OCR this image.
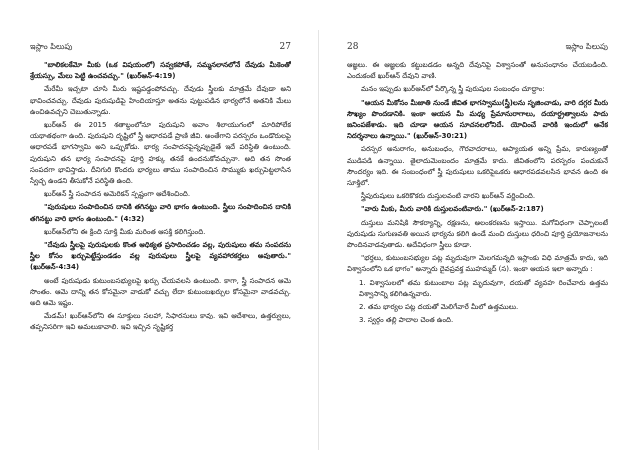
ఇస్లాం పిలుపు	27

"బాలికలకేమో మీకు (ఒక విషయంలో) సవ్వకపోతే, సమ్మనలానలోనే దేవుడు మీకెంతో శ్రేయస్సు, మేలు పెట్టి ఉంచవచ్చు." (ఖుర్‌ఆన్-4:19)

మేరేమీ ఇచ్చటా చూసి మీరు ఇష్టపడ్డంపోవచ్చు. దేవుడు స్త్రీలకు మాత్రమే దేవుడా అని భావించవచ్చు. దేవుడు పురుషుడిపై హిందియాస్తూ అతను పుట్టుపడిన భార్యలోనే అతనికి మేలు ఉంచిఉవచ్చని చెబుతున్నాడు.

ఖుర్‌ఆన్ ఈ 2015 శతాబ్దంలోనూ పురుషుని అవాం శిలాయుగంలో మారిపోలేక యథాతథంగా ఉంది. పురుషుని దృష్టిలో స్త్రీ ఆధారపడే ప్రాణి జీవి. అంతేగాని పరస్పరం ఒండొరులపై ఆధారపడే భాగస్వామి అని ఒప్పుకోడు. భార్య సంపాదనపైన్నప్పుడైతే ఇదే పరిస్థితి ఉంటుంది. పురుషుని తన భార్య సంపాదనపై పూర్తి హక్కు తనకే ఉందనుకోవచ్చునా. అది తన సొంత సంపదగా భావిస్తాడు. దీనిగురి కొందరు భార్యలు తాము సంపాదించిన సొమ్ముకు ఖర్చుపెట్టలాసిన స్వేచ్ఛ ఉండని తీసుకోనే పరిస్థితి ఉంది.

ఖుర్‌ఆన్ స్త్రీ సంపాదన అమెరికన్ స్పష్టంగా ఆదేశించింది.

"పురుషులు సంపాదించిన దానికి తగినట్టు వారి భాగం ఉంటుంది. స్త్రీలు సంపాదించిన దానికి తగినట్టు వారి భాగం ఉంటుంది." (4:32)

ఖుర్‌ఆన్‌లోని ఈ క్రింది సూక్తి మీకు మరింత ఆసక్తి కలిగిస్తుంది.

"దేవుడు స్త్రీలపై పురుషులకు కొంత ఆధిక్యత ప్రసాదించడం వల్ల, పురుషులు తమ సంపదను స్త్రీల కోసం ఖర్చుపెట్టేస్తుండడం వల్ల పురుషులు స్త్రీలపై వ్యవహారకర్తలు అవుతారు." (ఖుర్‌ఆన్-4:34)

అంటే పురుషుడు కుటుంబసభ్యులపై ఖర్చు చేయవలసి ఉంటుంది. కాగా, స్త్రీ సంపాదన ఆమె సొంతం. ఆమె దాన్ని తన కోసమైనా వాడుకో వచ్చు లేదా కుటుంబఖర్చుల కోసమైనా వాడవచ్చు. అది ఆమె ఇష్టం.

మేడమ్! ఖుర్‌ఆన్‌లోని ఈ సూక్తులు సలహా, సిఫారసులు కావు. ఇవి ఆదేశాలు, ఉత్తర్వులు, తప్పనిసరిగా ఇవి అమలుకావాలి. ఇవి ఇచ్చిన సృష్టికర్త

28	ఇస్లాం పిలుపు

ఆజ్ఞలు. ఈ ఆజ్ఞలకు కట్టుబడడం అన్నది దేవునిపై విశ్వాసంతో అనుసంధానం చేయబడింది. ఎందుకంటే ఖుర్‌ఆన్ దేవుని వాణి.

మనం ఇప్పుడు ఖుర్‌ఆన్‌లో పేర్కొన్న స్త్రీ పురుషుల సంబంధం చూద్దాం:

"ఆయన మీకోసం మీజాతి నుండే జీవిత భాగస్వాము(స్త్రీ)లను సృజించాడు, వారి దగ్గర మీరు సౌఖ్యం పొందడానికి. ఇంకా ఆయన మీ మధ్య ప్రేమానురాగాలు, దయార్ద్రత్వాలను పాదు జనింపజేశాడు. ఇది చూడా ఆయన సూచనలలోనిదే. యోచించే వారికి ఇందులో అనేక నిదర్శనాలు ఉన్నాయి." (ఖుర్‌ఆన్-30:21)

పరస్పర అనురాగం, అనుబంధం, గౌరవాదరాలు, ఆప్యాయత అన్ని ప్రేమ, కారుణ్యంతో ముడిపడి ఉన్నాయి. తైలాదుమెంబందం మాత్రమే కాదు. జీవితంలోని పరస్పరం పంచుకునే సౌందర్యం ఇది. ఈ సంబంధంలో స్త్రీ పురుషులు ఒకరిపైఒకరు ఆధారపడవలసిన భావన ఉంది ఈ సూక్తిలో.

స్త్రీపురుషులు ఒకరికొకరు దుస్తులవంటి వారని ఖుర్‌ఆన్ వర్ణించింది.

"వారు మీకు, మీరు వారికి దుస్తులవంటివారు." (ఖుర్‌ఆన్-2:187)

దుస్తులు మనిషికి సౌకర్యాన్ని, రక్షణను, అలంకరణను ఇస్తాయి. మగోవిధంగా చెప్పాలంటే పురుషుడు సుగుణవతి అయిన భార్యను కలిగి ఉండే మంచి దుస్తులు ధరించి పూర్తి ప్రయోజనాలను పొందినవాడవుతాడు. అదేవిధంగా స్త్రీలు కూడా.

"భర్తలు, కుటుంబసభ్యుల పట్ల మృదువుగా మెలగమన్నది ఇస్లాంకు విధి మాత్రమే కాదు, ఇది విశ్వాసంలోని ఒక భాగం" అన్నారు దైవప్రవక్త ముహమ్మద్ (స). ఇంకా ఆయన ఇలా అన్నారు :

1. విశ్వాసులలో తమ కుటుంబాల పట్ల మృదువుగా, దయతో వ్యవహ రించేవారు ఉత్తమ విశ్వాసాన్ని కలిగిఉన్నవారు.

2. తమ భార్యల పట్ల దయతో మెలిగేవారే మీలో ఉత్తములు.

3. స్వర్గం తల్లి పాదాల చెంత ఉంది.
